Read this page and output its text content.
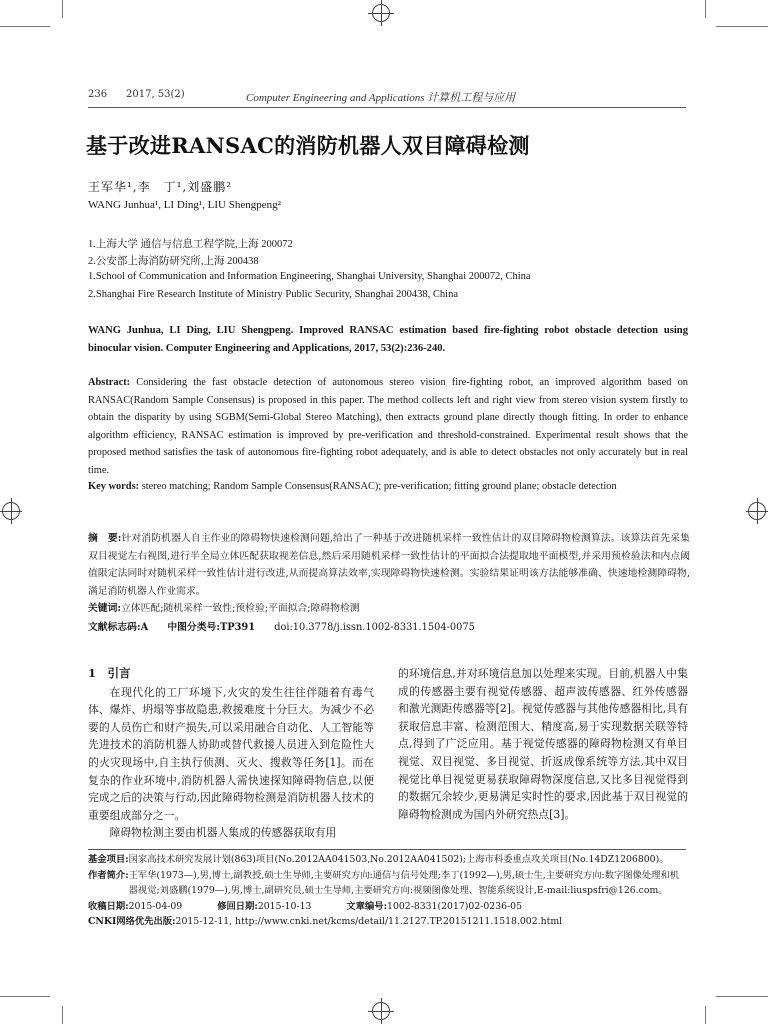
236 2017, 53(2)	Computer Engineering and Applications 计算机工程与应用
基于改进RANSAC的消防机器人双目障碍检测
王军华¹,李　丁¹,刘盛鹏²
WANG Junhua¹, LI Ding¹, LIU Shengpeng²
1.上海大学 通信与信息工程学院,上海 200072
2.公安部上海消防研究所,上海 200438
1.School of Communication and Information Engineering, Shanghai University, Shanghai 200072, China
2.Shanghai Fire Research Institute of Ministry Public Security, Shanghai 200438, China
WANG Junhua, LI Ding, LIU Shengpeng. Improved RANSAC estimation based fire-fighting robot obstacle detection using binocular vision. Computer Engineering and Applications, 2017, 53(2):236-240.
Abstract: Considering the fast obstacle detection of autonomous stereo vision fire-fighting robot, an improved algorithm based on RANSAC(Random Sample Consensus) is proposed in this paper. The method collects left and right view from stereo vision system firstly to obtain the disparity by using SGBM(Semi-Global Stereo Matching), then extracts ground plane directly though fitting. In order to enhance algorithm efficiency, RANSAC estimation is improved by pre-verification and threshold-constrained. Experimental result shows that the proposed method satisfies the task of autonomous fire-fighting robot adequately, and is able to detect obstacles not only accurately but in real time.
Key words: stereo matching; Random Sample Consensus(RANSAC); pre-verification; fitting ground plane; obstacle detection
摘　要:针对消防机器人自主作业的障碍物快速检测问题,给出了一种基于改进随机采样一致性估计的双目障碍物检测算法。该算法首先采集双目视觉左右视图,进行半全局立体匹配获取视差信息,然后采用随机采样一致性估计的平面拟合法提取地平面模型,并采用预检验法和内点阈值限定法同时对随机采样一致性估计进行改进,从而提高算法效率,实现障碍物快速检测。实验结果证明该方法能够准确、快速地检测障碍物,满足消防机器人作业需求。
关键词:立体匹配;随机采样一致性;预检验;平面拟合;障碍物检测
文献标志码:A 中图分类号:TP391 doi:10.3778/j.issn.1002-8331.1504-0075
1　引言

在现代化的工厂环境下,火灾的发生往往伴随着有毒气体、爆炸、坍塌等事故隐患,救援难度十分巨大。为减少不必要的人员伤亡和财产损失,可以采用融合自动化、人工智能等先进技术的消防机器人协助或替代救援人员进入到危险性大的火灾现场中,自主执行侦测、灭火、搜救等任务[1]。而在复杂的作业环境中,消防机器人需快速探知障碍物信息,以便完成之后的决策与行动,因此障碍物检测是消防机器人技术的重要组成部分之一。

障碍物检测主要由机器人集成的传感器获取有用

的环境信息,并对环境信息加以处理来实现。目前,机器人中集成的传感器主要有视觉传感器、超声波传感器、红外传感器和激光测距传感器等[2]。视觉传感器与其他传感器相比,具有获取信息丰富、检测范围大、精度高,易于实现数据关联等特点,得到了广泛应用。基于视觉传感器的障碍物检测又有单目视觉、双目视觉、多目视觉、折返成像系统等方法,其中双目视觉比单目视觉更易获取障碍物深度信息,又比多目视觉得到的数据冗余较少,更易满足实时性的要求,因此基于双目视觉的障碍物检测成为国内外研究热点[3]。

基金项目: 国家高技术研究发展计划(863)项目(No.2012AA041503,No.2012AA041502);上海市科委重点攻关项目(No.14DZ1206800)。
作者简介: 王军华(1973—),男,博士,副教授,硕士生导师,主要研究方向:通信与信号处理;李丁(1992—),男,硕士生,主要研究方向:数字图像处理和机器视觉;刘盛鹏(1979—),男,博士,副研究员,硕士生导师,主要研究方向:视频图像处理、智能系统设计,E-mail:liuspsfri@126.com。
收稿日期:2015-04-09	修回日期:2015-10-13	文章编号:1002-8331(2017)02-0236-05
CNKI网络优先出版:2015-12-11, http://www.cnki.net/kcms/detail/11.2127.TP.20151211.1518.002.html
